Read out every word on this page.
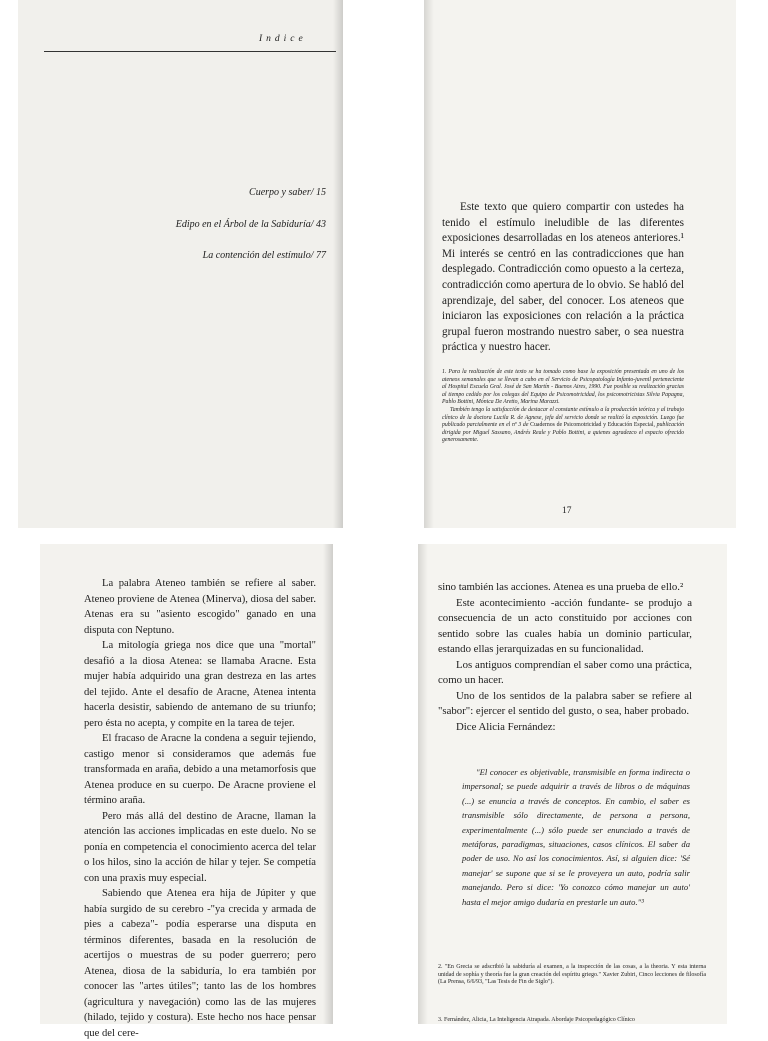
Indice
Cuerpo y saber/ 15
Edipo en el Árbol de la Sabiduría/ 43
La contención del estímulo/ 77

Este texto que quiero compartir con ustedes ha tenido el estímulo ineludible de las diferentes exposiciones desarrolladas en los ateneos anteriores.¹ Mi interés se centró en las contradicciones que han desplegado. Contradicción como opuesto a la certeza, contradicción como apertura de lo obvio. Se habló del aprendizaje, del saber, del conocer. Los ateneos que iniciaron las exposiciones con relación a la práctica grupal fueron mostrando nuestro saber, o sea nuestra práctica y nuestro hacer.

1. Para la realización de este texto se ha tomado como base la exposición presentada en uno de los ateneos semanales que se llevan a cabo en el Servicio de Psicopatología Infanto-juvenil perteneciente al Hospital Escuela Gral. José de San Martín - Buenos Aires, 1990. Fue posible su realización gracias al tiempo cedido por los colegas del Equipo de Psicomotricidad, los psicomotricistas Silvia Papagna, Pablo Bottini, Mónica De Aretto, Marina Marazzi.

También tengo la satisfacción de destacar el constante estímulo a la producción teórica y al trabajo clínico de la doctora Lucila R. de Agnese, jefa del servicio donde se realizó la exposición. Luego fue publicado parcialmente en el nº 3 de Cuadernos de Psicomotricidad y Educación Especial, publicación dirigida por Miguel Sassano, Andrés Reale y Pablo Bottini, a quienes agradezco el espacio ofrecido generosamente.

17

La palabra Ateneo también se refiere al saber. Ateneo proviene de Atenea (Minerva), diosa del saber. Atenas era su "asiento escogido" ganado en una disputa con Neptuno.

La mitología griega nos dice que una "mortal" desafió a la diosa Atenea: se llamaba Aracne. Esta mujer había adquirido una gran destreza en las artes del tejido. Ante el desafío de Aracne, Atenea intenta hacerla desistir, sabiendo de antemano de su triunfo; pero ésta no acepta, y compite en la tarea de tejer.

El fracaso de Aracne la condena a seguir tejiendo, castigo menor si consideramos que además fue transformada en araña, debido a una metamorfosis que Atenea produce en su cuerpo. De Aracne proviene el término araña.

Pero más allá del destino de Aracne, llaman la atención las acciones implicadas en este duelo. No se ponía en competencia el conocimiento acerca del telar o los hilos, sino la acción de hilar y tejer. Se competía con una praxis muy especial.

Sabiendo que Atenea era hija de Júpiter y que había surgido de su cerebro -"ya crecida y armada de pies a cabeza"- podía esperarse una disputa en términos diferentes, basada en la resolución de acertijos o muestras de su poder guerrero; pero Atenea, diosa de la sabiduría, lo era también por conocer las "artes útiles"; tanto las de los hombres (agricultura y navegación) como las de las mujeres (hilado, tejido y costura). Este hecho nos hace pensar que del cere-

sino también las acciones. Atenea es una prueba de ello.²

Este acontecimiento -acción fundante- se produjo a consecuencia de un acto constituido por acciones con sentido sobre las cuales había un dominio particular, estando ellas jerarquizadas en su funcionalidad.

Los antiguos comprendían el saber como una práctica, como un hacer.

Uno de los sentidos de la palabra saber se refiere al "sabor": ejercer el sentido del gusto, o sea, haber probado.

Dice Alicia Fernández:

"El conocer es objetivable, transmisible en forma indirecta o impersonal; se puede adquirir a través de libros o de máquinas (...) se enuncia a través de conceptos. En cambio, el saber es transmisible sólo directamente, de persona a persona, experimentalmente (...) sólo puede ser enunciado a través de metáforas, paradigmas, situaciones, casos clínicos. El saber da poder de uso. No así los conocimientos. Así, si alguien dice: 'Sé manejar' se supone que si se le proveyera un auto, podría salir manejando. Pero si dice: 'Yo conozco cómo manejar un auto' hasta el mejor amigo dudaría en prestarle un auto."³

2. "En Grecia se adscribió la sabiduría al examen, a la inspección de las cosas, a la theoria. Y esta interna unidad de sophía y theoría fue la gran creación del espíritu griego." Xavier Zubiri, Cinco lecciones de filosofía (La Prensa, 6/6/93, "Las Tesis de Fin de Siglo").
3. Fernández, Alicia, La Inteligencia Atrapada. Abordaje Psicopedagógico Clínico
